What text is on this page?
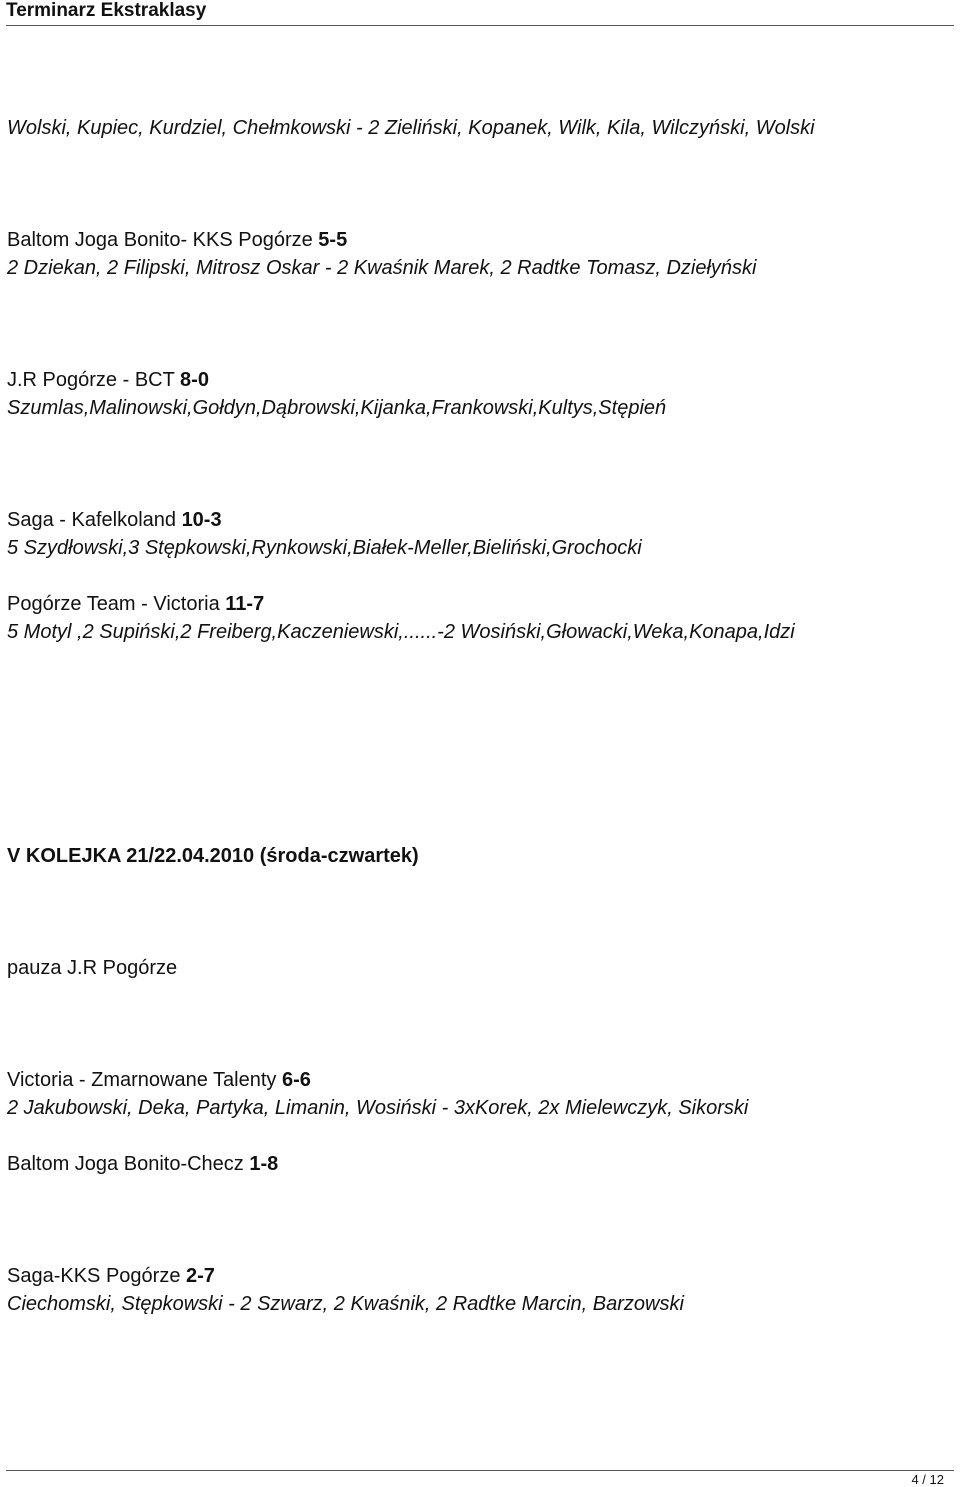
Terminarz Ekstraklasy
Wolski, Kupiec, Kurdziel, Chełmkowski - 2 Zieliński, Kopanek, Wilk, Kila, Wilczyński, Wolski
Baltom Joga Bonito- KKS Pogórze 5-5
2 Dziekan, 2 Filipski, Mitrosz Oskar - 2 Kwaśnik Marek, 2 Radtke Tomasz, Dziełyński
J.R Pogórze - BCT 8-0
Szumlas,Malinowski,Gołdyn,Dąbrowski,Kijanka,Frankowski,Kultys,Stępień
Saga - Kafelkoland 10-3
5 Szydłowski,3 Stępkowski,Rynkowski,Białek-Meller,Bieliński,Grochocki
Pogórze Team - Victoria 11-7
5 Motyl ,2 Supiński,2 Freiberg,Kaczeniewski,......-2 Wosiński,Głowacki,Weka,Konapa,Idzi
V KOLEJKA 21/22.04.2010 (środa-czwartek)
pauza J.R Pogórze
Victoria - Zmarnowane Talenty 6-6
2 Jakubowski, Deka, Partyka, Limanin, Wosiński - 3xKorek, 2x Mielewczyk, Sikorski
Baltom Joga Bonito-Checz 1-8
Saga-KKS Pogórze 2-7
Ciechomski, Stępkowski - 2 Szwarz, 2 Kwaśnik, 2 Radtke Marcin, Barzowski
4 / 12
